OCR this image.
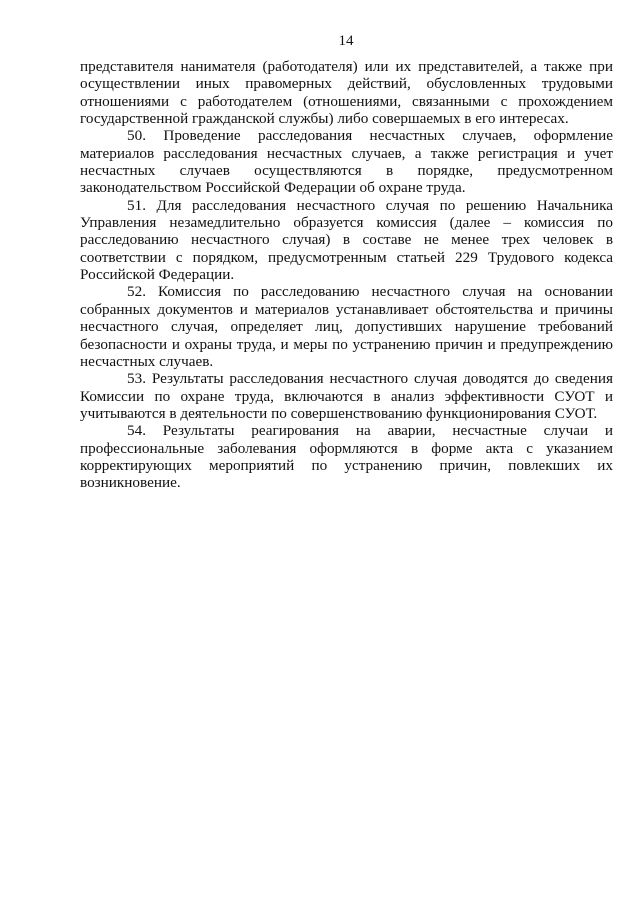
14

представителя нанимателя (работодателя) или их представителей, а также при осуществлении иных правомерных действий, обусловленных трудовыми отношениями с работодателем (отношениями, связанными с прохождением государственной гражданской службы) либо совершаемых в его интересах.

50. Проведение расследования несчастных случаев, оформление материалов расследования несчастных случаев, а также регистрация и учет несчастных случаев осуществляются в порядке, предусмотренном законодательством Российской Федерации об охране труда.

51. Для расследования несчастного случая по решению Начальника Управления незамедлительно образуется комиссия (далее – комиссия по расследованию несчастного случая) в составе не менее трех человек в соответствии с порядком, предусмотренным статьей 229 Трудового кодекса Российской Федерации.

52. Комиссия по расследованию несчастного случая на основании собранных документов и материалов устанавливает обстоятельства и причины несчастного случая, определяет лиц, допустивших нарушение требований безопасности и охраны труда, и меры по устранению причин и предупреждению несчастных случаев.

53. Результаты расследования несчастного случая доводятся до сведения Комиссии по охране труда, включаются в анализ эффективности СУОТ и учитываются в деятельности по совершенствованию функционирования СУОТ.

54. Результаты реагирования на аварии, несчастные случаи и профессиональные заболевания оформляются в форме акта с указанием корректирующих мероприятий по устранению причин, повлекших их возникновение.
